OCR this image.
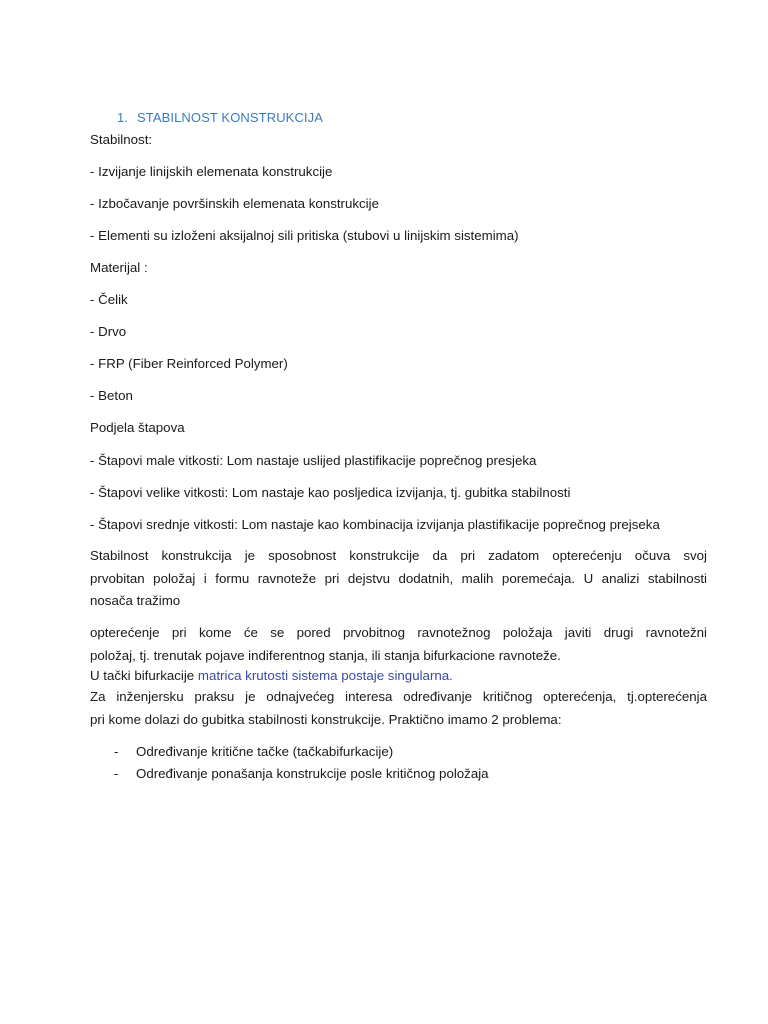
1. STABILNOST KONSTRUKCIJA
Stabilnost:
- Izvijanje linijskih elemenata konstrukcije
- Izbočavanje površinskih elemenata konstrukcije
- Elementi su izloženi aksijalnoj sili pritiska (stubovi u linijskim sistemima)
Materijal :
- Čelik
- Drvo
- FRP (Fiber Reinforced Polymer)
- Beton
Podjela štapova
- Štapovi male vitkosti: Lom nastaje uslijed plastifikacije poprečnog presjeka
- Štapovi velike vitkosti: Lom nastaje kao posljedica izvijanja, tj. gubitka stabilnosti
- Štapovi srednje vitkosti: Lom nastaje kao kombinacija izvijanja plastifikacije poprečnog prejseka
Stabilnost konstrukcija je sposobnost konstrukcije da pri zadatom opterećenju očuva svoj
prvobitan položaj i formu ravnoteže pri dejstvu dodatnih, malih poremećaja. U analizi stabilnosti
nosača tražimo
opterećenje pri kome će se pored prvobitnog ravnotežnog položaja javiti drugi ravnotežni
položaj, tj. trenutak pojave indiferentnog stanja, ili stanja bifurkacione ravnoteže.
U tački bifurkacije matrica krutosti sistema postaje singularna.
Za inženjersku praksu je odnajvećeg interesa određivanje kritičnog opterećenja, tj.opterećenja
pri kome dolazi do gubitka stabilnosti konstrukcije. Praktično imamo 2 problema:
- Određivanje kritične tačke (tačkabifurkacije)
- Određivanje ponašanja konstrukcije posle kritičnog položaja
